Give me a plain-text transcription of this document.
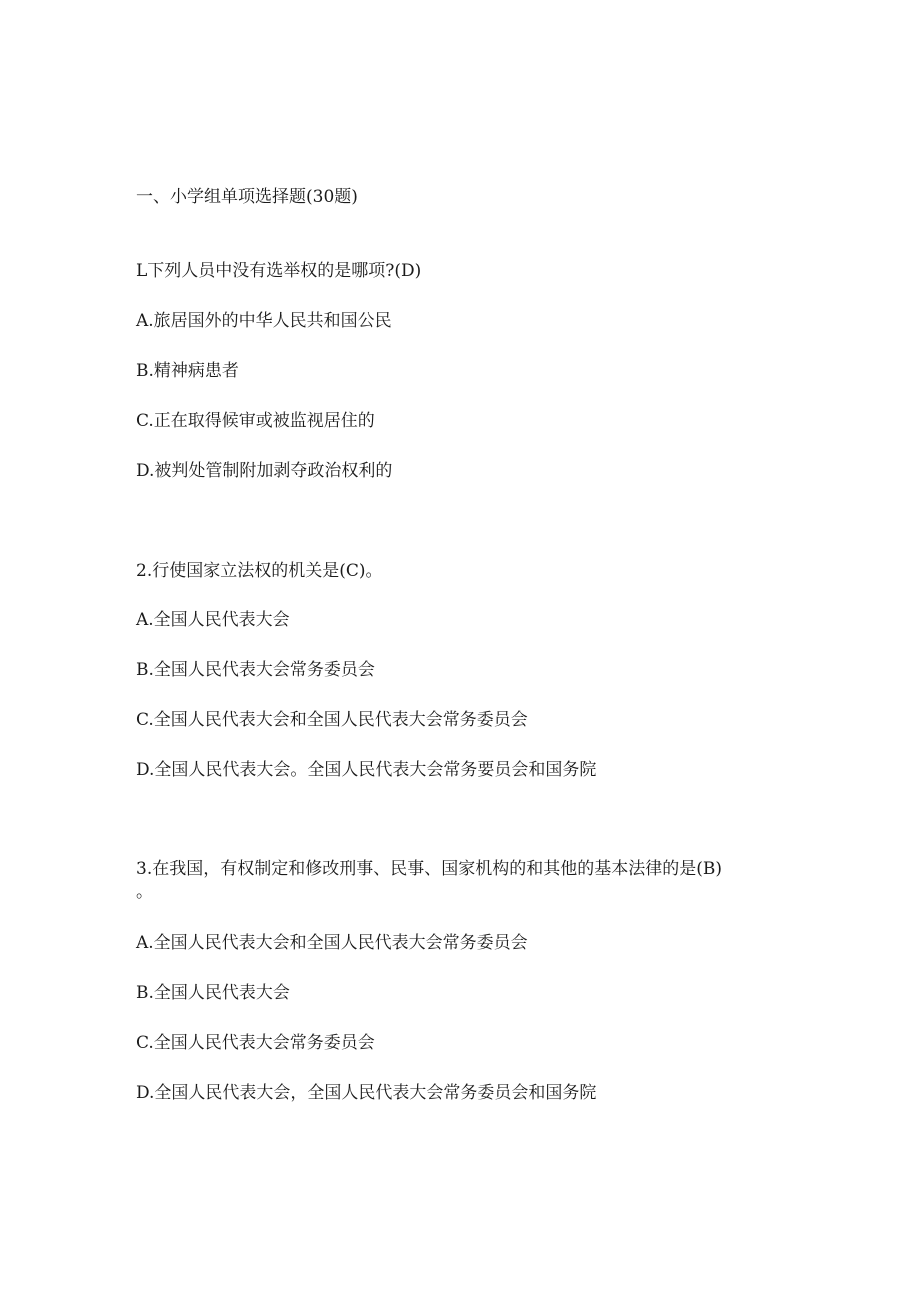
一、小学组单项选择题(30题)
L下列人员中没有选举权的是哪项?(D)
A.旅居国外的中华人民共和国公民
B.精神病患者
C.正在取得候审或被监视居住的
D.被判处管制附加剥夺政治权利的
2.行使国家立法权的机关是(C)。
A.全国人民代表大会
B.全国人民代表大会常务委员会
C.全国人民代表大会和全国人民代表大会常务委员会
D.全国人民代表大会。全国人民代表大会常务要员会和国务院
3.在我国，有权制定和修改刑事、民事、国家机构的和其他的基本法律的是(B)
。
A.全国人民代表大会和全国人民代表大会常务委员会
B.全国人民代表大会
C.全国人民代表大会常务委员会
D.全国人民代表大会，全国人民代表大会常务委员会和国务院
